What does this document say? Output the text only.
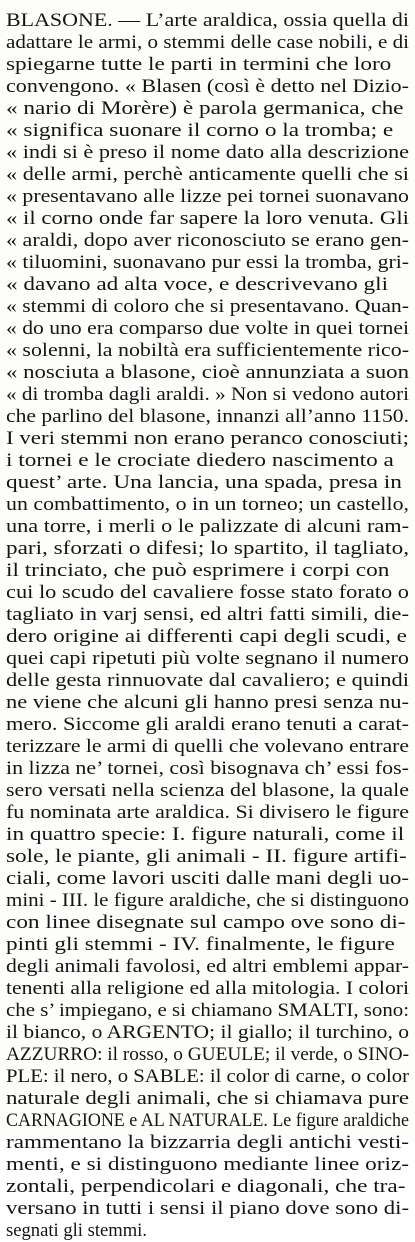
BLASONE. — L’arte araldica, ossia quella di
adattare le armi, o stemmi delle case nobili, e di
spiegarne tutte le parti in termini che loro
convengono. « Blasen (così è detto nel Dizio-
« nario di Morère) è parola germanica, che
« significa suonare il corno o la tromba; e
« indi si è preso il nome dato alla descrizione
« delle armi, perchè anticamente quelli che si
« presentavano alle lizze pei tornei suonavano
« il corno onde far sapere la loro venuta. Gli
« araldi, dopo aver riconosciuto se erano gen-
« tiluomini, suonavano pur essi la tromba, gri-
« davano ad alta voce, e descrivevano gli
« stemmi di coloro che si presentavano. Quan-
« do uno era comparso due volte in quei tornei
« solenni, la nobiltà era sufficientemente rico-
« nosciuta a blasone, cioè annunziata a suon
« di tromba dagli araldi. » Non si vedono autori
che parlino del blasone, innanzi all’anno 1150.
I veri stemmi non erano peranco conosciuti;
i tornei e le crociate diedero nascimento a
quest’ arte. Una lancia, una spada, presa in
un combattimento, o in un torneo; un castello,
una torre, i merli o le palizzate di alcuni ram-
pari, sforzati o difesi; lo spartito, il tagliato,
il trinciato, che può esprimere i corpi con
cui lo scudo del cavaliere fosse stato forato o
tagliato in varj sensi, ed altri fatti simili, die-
dero origine ai differenti capi degli scudi, e
quei capi ripetuti più volte segnano il numero
delle gesta rinnuovate dal cavaliero; e quindi
ne viene che alcuni gli hanno presi senza nu-
mero. Siccome gli araldi erano tenuti a carat-
terizzare le armi di quelli che volevano entrare
in lizza ne’ tornei, così bisognava ch’ essi fos-
sero versati nella scienza del blasone, la quale
fu nominata arte araldica. Si divisero le figure
in quattro specie: I. figure naturali, come il
sole, le piante, gli animali - II. figure artifi-
ciali, come lavori usciti dalle mani degli uo-
mini - III. le figure araldiche, che si distinguono
con linee disegnate sul campo ove sono di-
pinti gli stemmi - IV. finalmente, le figure
degli animali favolosi, ed altri emblemi appar-
tenenti alla religione ed alla mitologia. I colori
che s’ impiegano, e si chiamano SMALTI, sono:
il bianco, o ARGENTO; il giallo; il turchino, o
AZZURRO: il rosso, o GUEULE; il verde, o SINO-
PLE: il nero, o SABLE: il color di carne, o color
naturale degli animali, che si chiamava pure
CARNAGIONE e AL NATURALE. Le figure araldiche
rammentano la bizzarria degli antichi vesti-
menti, e si distinguono mediante linee oriz-
zontali, perpendicolari e diagonali, che tra-
versano in tutti i sensi il piano dove sono di-
segnati gli stemmi.
